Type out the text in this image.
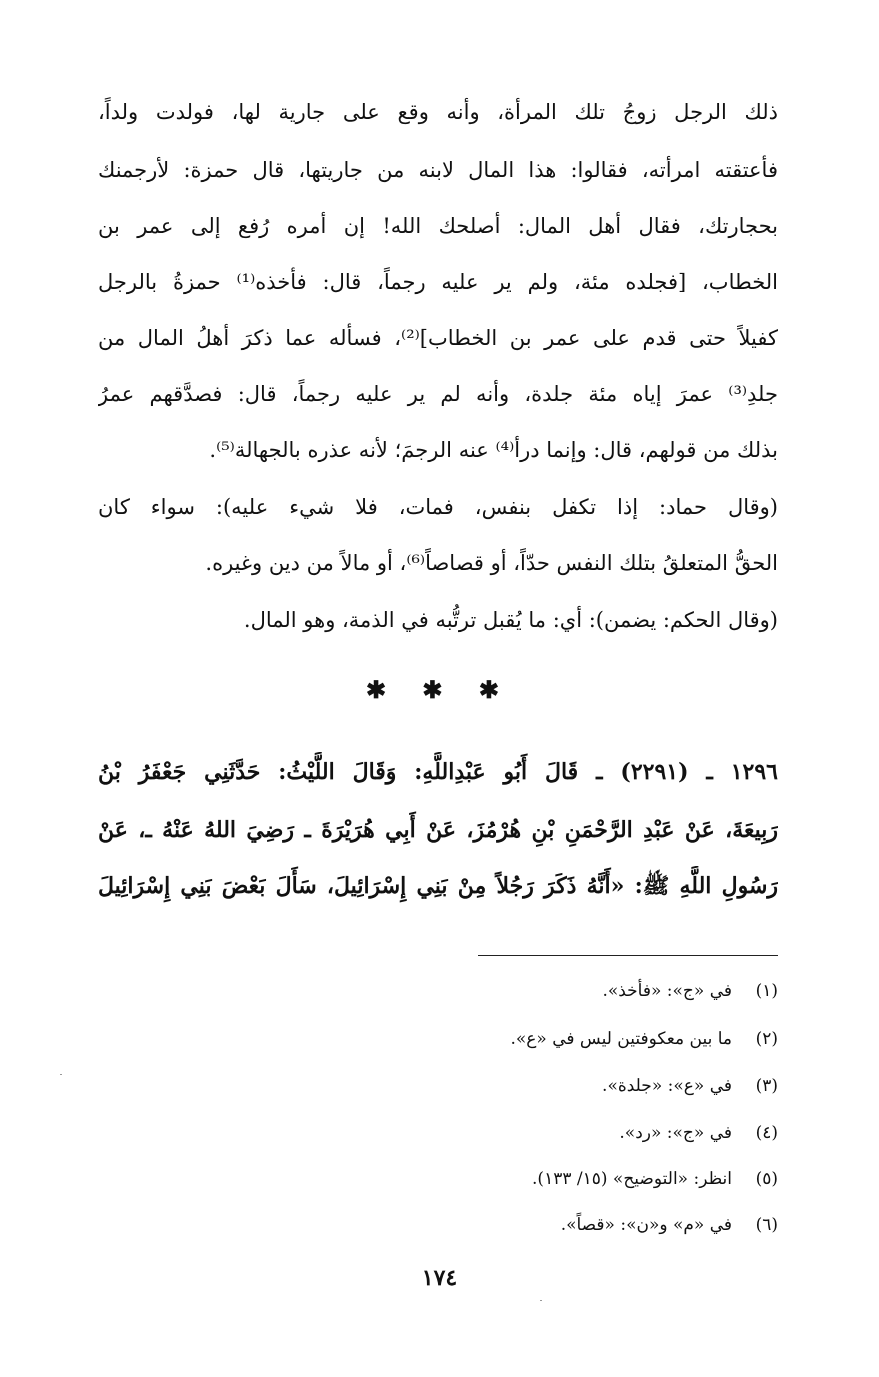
ذلك الرجل زوجُ تلك المرأة، وأنه وقع على جارية لها، فولدت ولداً،
فأعتقته امرأته، فقالوا: هذا المال لابنه من جاريتها، قال حمزة: لأرجمنك
بحجارتك، فقال أهل المال: أصلحك الله! إن أمره رُفع إلى عمر بن
الخطاب، [فجلده مئة، ولم ير عليه رجماً، قال: فأخذه⁽¹⁾ حمزةُ بالرجل
كفيلاً حتى قدم على عمر بن الخطاب]⁽²⁾، فسأله عما ذكرَ أهلُ المال من
جلدِ⁽³⁾ عمرَ إياه مئة جلدة، وأنه لم ير عليه رجماً، قال: فصدَّقهم عمرُ
بذلك من قولهم، قال: وإنما درأ⁽⁴⁾ عنه الرجمَ؛ لأنه عذره بالجهالة⁽⁵⁾.
(وقال حماد: إذا تكفل بنفس، فمات، فلا شيء عليه): سواء كان
الحقُّ المتعلقُ بتلك النفس حدّاً، أو قصاصاً⁽⁶⁾، أو مالاً من دين وغيره.
(وقال الحكم: يضمن): أي: ما يُقبل ترتُّبه في الذمة، وهو المال.
✱ ✱ ✱
١٢٩٦ ـ (٢٢٩١) ـ قَالَ أَبُو عَبْدِاللَّهِ: وَقَالَ اللَّيْثُ: حَدَّثَنِي جَعْفَرُ بْنُ
رَبِيعَةَ، عَنْ عَبْدِ الرَّحْمَنِ بْنِ هُرْمُزَ، عَنْ أَبِي هُرَيْرَةَ ـ رَضِيَ اللهُ عَنْهُ ـ، عَنْ
رَسُولِ اللَّهِ ﷺ: «أَنَّهُ ذَكَرَ رَجُلاً مِنْ بَنِي إِسْرَائِيلَ، سَأَلَ بَعْضَ بَنِي إِسْرَائِيلَ
(١)في «ج»: «فأخذ».
(٢)ما بين معكوفتين ليس في «ع».
(٣)في «ع»: «جلدة».
(٤)في «ج»: «رد».
(٥)انظر: «التوضيح» (١٥/ ١٣٣).
(٦)في «م» و«ن»: «قصاً».
١٧٤
